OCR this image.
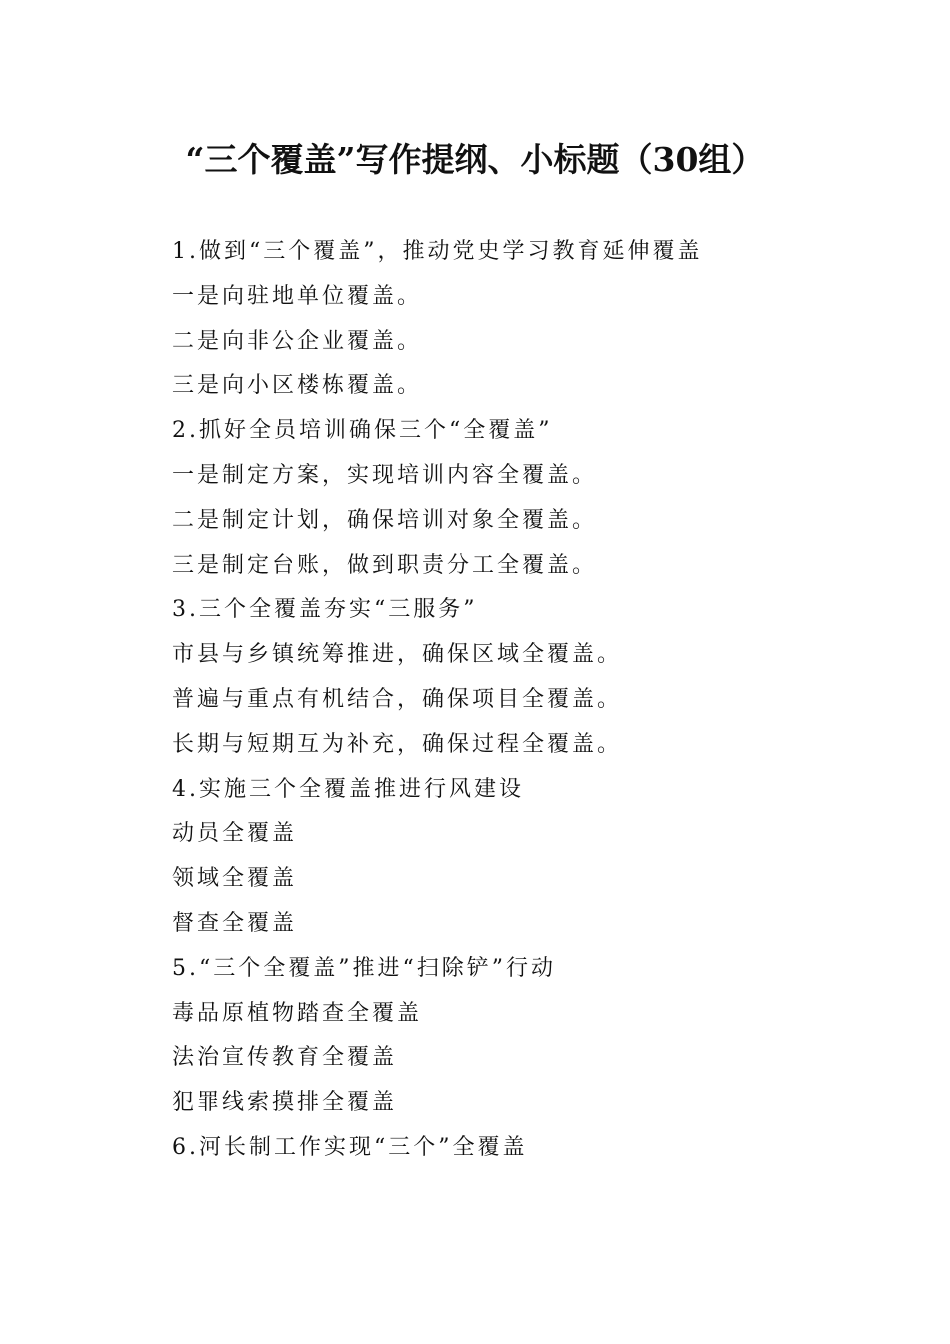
“三个覆盖”写作提纲、小标题（30组）
1.做到“三个覆盖”，推动党史学习教育延伸覆盖
一是向驻地单位覆盖。
二是向非公企业覆盖。
三是向小区楼栋覆盖。
2.抓好全员培训确保三个“全覆盖”
一是制定方案，实现培训内容全覆盖。
二是制定计划，确保培训对象全覆盖。
三是制定台账，做到职责分工全覆盖。
3.三个全覆盖夯实“三服务”
市县与乡镇统筹推进，确保区域全覆盖。
普遍与重点有机结合，确保项目全覆盖。
长期与短期互为补充，确保过程全覆盖。
4.实施三个全覆盖推进行风建设
动员全覆盖
领域全覆盖
督查全覆盖
5.“三个全覆盖”推进“扫除铲”行动
毒品原植物踏查全覆盖
法治宣传教育全覆盖
犯罪线索摸排全覆盖
6.河长制工作实现“三个”全覆盖
